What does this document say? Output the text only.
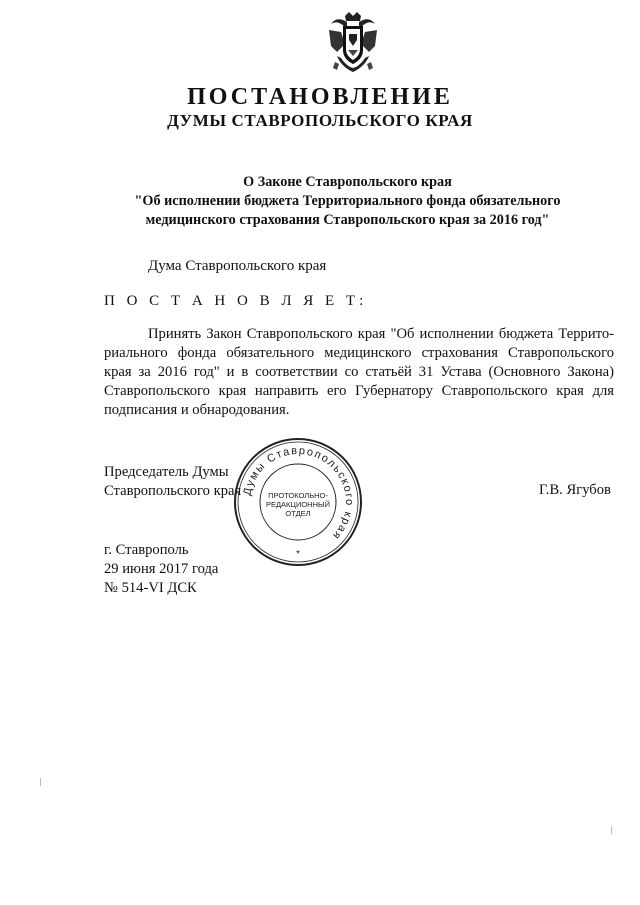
ПОСТАНОВЛЕНИЕ
ДУМЫ СТАВРОПОЛЬСКОГО КРАЯ
О Законе Ставропольского края
"Об исполнении бюджета Территориального фонда обязательного
медицинского страхования Ставропольского края за 2016 год"
Дума Ставропольского края
П О С Т А Н О В Л Я Е Т:
Принять Закон Ставропольского края "Об исполнении бюджета Террито-
риального фонда обязательного медицинского страхования Ставропольского
края за 2016 год" и в соответствии со статьёй 31 Устава (Основного Закона)
Ставропольского края направить его Губернатору Ставропольского края для
подписания и обнародования.
Председатель Думы
Ставропольского края	Г.В. Ягубов
Думы Ставропольского края
ПРОТОКОЛЬНО-
РЕДАКЦИОННЫЙ
ОТДЕЛ
*
г. Ставрополь
29 июня 2017 года
№ 514-VI ДСК
